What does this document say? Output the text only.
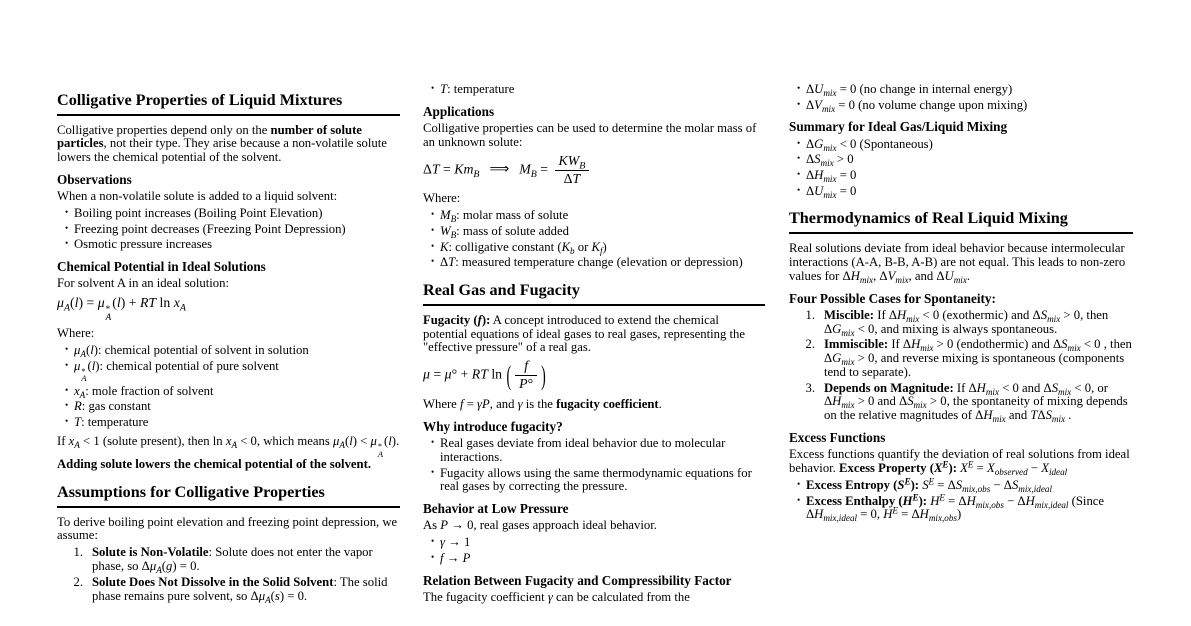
Colligative Properties of Liquid Mixtures
Colligative properties depend only on the number of solute particles, not their type. They arise because a non-volatile solute lowers the chemical potential of the solvent.
Observations
When a non-volatile solute is added to a liquid solvent:
• Boiling point increases (Boiling Point Elevation)
• Freezing point decreases (Freezing Point Depression)
• Osmotic pressure increases
Chemical Potential in Ideal Solutions
For solvent A in an ideal solution:
$\mu_A(l) = \mu$ *
A
(l) + RT $\ln x_A$
Where:
• $\mu_A(l)$: chemical potential of solvent in solution
• μ *
A
(l): chemical potential of pure solvent
• $x_A$: mole fraction of solvent
• R: gas constant
• T: temperature
If $x_A < 1$ (solute present), then $\ln x_A < 0$, which means $\mu_A(l) < \mu$ *
A
(l). Adding solute lowers the chemical potential of the solvent.
Assumptions for Colligative Properties
To derive boiling point elevation and freezing point depression, we assume:
1. Solute is Non-Volatile: Solute does not enter the vapor phase, so $\Delta\mu_A(g) = 0$.
2. Solute Does Not Dissolve in the Solid Solvent: The solid phase remains pure solvent, so $\Delta\mu_A(s) = 0$.
• T: temperature
Applications
Colligative properties can be used to determine the molar mass of an unknown solute:
$\Delta T = Km_B$ ⟹ $M_B = \frac{KW_B}{\Delta T}$
Where:
• $M_B$: molar mass of solute
• $W_B$: mass of solute added
• K: colligative constant ($K_b$ or $K_f$)
• ΔT: measured temperature change (elevation or depression)
Real Gas and Fugacity
Fugacity (f): A concept introduced to extend the chemical potential equations of ideal gases to real gases, representing the "effective pressure" of a real gas.
μ = μ° + RT ln ( $\frac{f}{P^\circ}$ )
Where f = γP, and γ is the fugacity coefficient.
Why introduce fugacity?
• Real gases deviate from ideal behavior due to molecular interactions.
• Fugacity allows using the same thermodynamic equations for real gases by correcting the pressure.
Behavior at Low Pressure
As P → 0, real gases approach ideal behavior.
• γ → 1
• f → P
Relation Between Fugacity and Compressibility Factor
The fugacity coefficient γ can be calculated from the
• $\Delta U_{mix} = 0$ (no change in internal energy)
• $\Delta V_{mix} = 0$ (no volume change upon mixing)
Summary for Ideal Gas/Liquid Mixing
• $\Delta G_{mix} < 0$ (Spontaneous)
• $\Delta S_{mix} > 0$
• $\Delta H_{mix} = 0$
• $\Delta U_{mix} = 0$
Thermodynamics of Real Liquid Mixing
Real solutions deviate from ideal behavior because intermolecular interactions (A-A, B-B, A-B) are not equal. This leads to non-zero values for $\Delta H_{mix}$, $\Delta V_{mix}$, and $\Delta U_{mix}$.
Four Possible Cases for Spontaneity:
1. Miscible: If $\Delta H_{mix} < 0$ (exothermic) and $\Delta S_{mix} > 0$, then $\Delta G_{mix} < 0$, and mixing is always spontaneous.
2. Immiscible: If $\Delta H_{mix} > 0$ (endothermic) and $\Delta S_{mix} < 0$ , then $\Delta G_{mix} > 0$, and reverse mixing is spontaneous (components tend to separate).
3. Depends on Magnitude: If $\Delta H_{mix} < 0$ and $\Delta S_{mix} < 0$, or $\Delta H_{mix} > 0$ and $\Delta S_{mix} > 0$, the spontaneity of mixing depends on the relative magnitudes of $\Delta H_{mix}$ and $T\Delta S_{mix}$ .
Excess Functions
Excess functions quantify the deviation of real solutions from ideal behavior. Excess Property $(X^E)$: $X^E = X_{observed} - X_{ideal}$
• Excess Entropy $(S^E)$: $S^E = \Delta S_{mix,obs} - \Delta S_{mix,ideal}$
• Excess Enthalpy $(H^E)$: $H^E = \Delta H_{mix,obs} - \Delta H_{mix,ideal}$ (Since $\Delta H_{mix,ideal} = 0$, $H^E = \Delta H_{mix,obs}$)
